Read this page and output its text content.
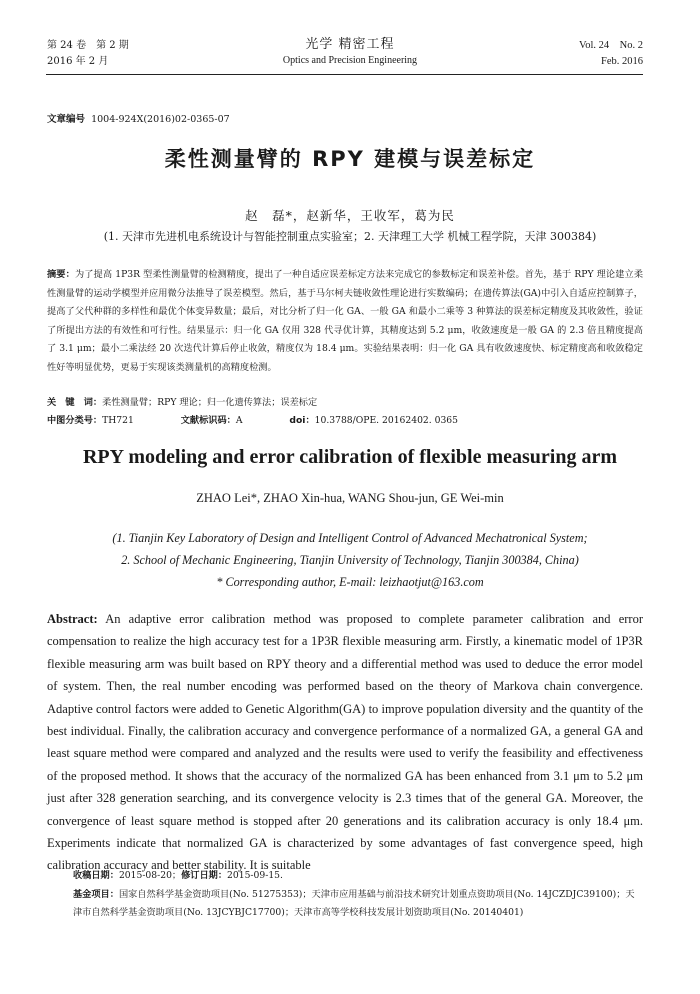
第 24 卷　第 2 期
2016 年 2 月
光学 精密工程
Optics and Precision Engineering
Vol. 24　No. 2
Feb. 2016
文章编号 1004-924X(2016)02-0365-07
柔性测量臂的 RPY 建模与误差标定
赵　磊*，赵新华，王收军，葛为民
(1. 天津市先进机电系统设计与智能控制重点实验室；2. 天津理工大学 机械工程学院，天津 300384)
摘要：为了提高 1P3R 型柔性测量臂的检测精度，提出了一种自适应误差标定方法来完成它的参数标定和误差补偿。首先，基于 RPY 理论建立柔性测量臂的运动学模型并应用微分法推导了误差模型。然后，基于马尔柯夫链收敛性理论进行实数编码；在遗传算法(GA)中引入自适应控制算子，提高了父代种群的多样性和最优个体变异数量；最后，对比分析了归一化 GA、一般 GA 和最小二乘等 3 种算法的误差标定精度及其收敛性，验证了所提出方法的有效性和可行性。结果显示：归一化 GA 仅用 328 代寻优计算，其精度达到 5.2 μm，收敛速度是一般 GA 的 2.3 倍且精度提高了 3.1 μm；最小二乘法经 20 次迭代计算后停止收敛，精度仅为 18.4 μm。实验结果表明：归一化 GA 具有收敛速度快、标定精度高和收敛稳定性好等明显优势，更易于实现该类测量机的高精度检测。
关　键　词：柔性测量臂；RPY 理论；归一化遗传算法；误差标定
中图分类号：TH721	文献标识码：A	doi：10.3788/OPE. 20162402. 0365
RPY modeling and error calibration of flexible measuring arm
ZHAO Lei*, ZHAO Xin-hua, WANG Shou-jun, GE Wei-min
(1. Tianjin Key Laboratory of Design and Intelligent Control of Advanced Mechatronical System;
2. School of Mechanic Engineering, Tianjin University of Technology, Tianjin 300384, China)
* Corresponding author, E-mail: leizhaotjut@163.com
Abstract: An adaptive error calibration method was proposed to complete parameter calibration and error compensation to realize the high accuracy test for a 1P3R flexible measuring arm. Firstly, a kinematic model of 1P3R flexible measuring arm was built based on RPY theory and a differential method was used to deduce the error model of system. Then, the real number encoding was performed based on the theory of Markova chain convergence. Adaptive control factors were added to Genetic Algorithm(GA) to improve population diversity and the quantity of the best individual. Finally, the calibration accuracy and convergence performance of a normalized GA, a general GA and least square method were compared and analyzed and the results were used to verify the feasibility and effectiveness of the proposed method. It shows that the accuracy of the normalized GA has been enhanced from 3.1 μm to 5.2 μm just after 328 generation searching, and its convergence velocity is 2.3 times that of the general GA. Moreover, the convergence of least square method is stopped after 20 generations and its calibration accuracy is only 18.4 μm. Experiments indicate that normalized GA is characterized by some advantages of fast convergence speed, high calibration accuracy and better stability. It is suitable
收稿日期：2015-08-20；修订日期：2015-09-15.
基金项目：国家自然科学基金资助项目(No. 51275353)；天津市应用基础与前沿技术研究计划重点资助项目(No. 14JCZDJC39100)；天津市自然科学基金资助项目(No. 13JCYBJC17700)；天津市高等学校科技发展计划资助项目(No. 20140401)
